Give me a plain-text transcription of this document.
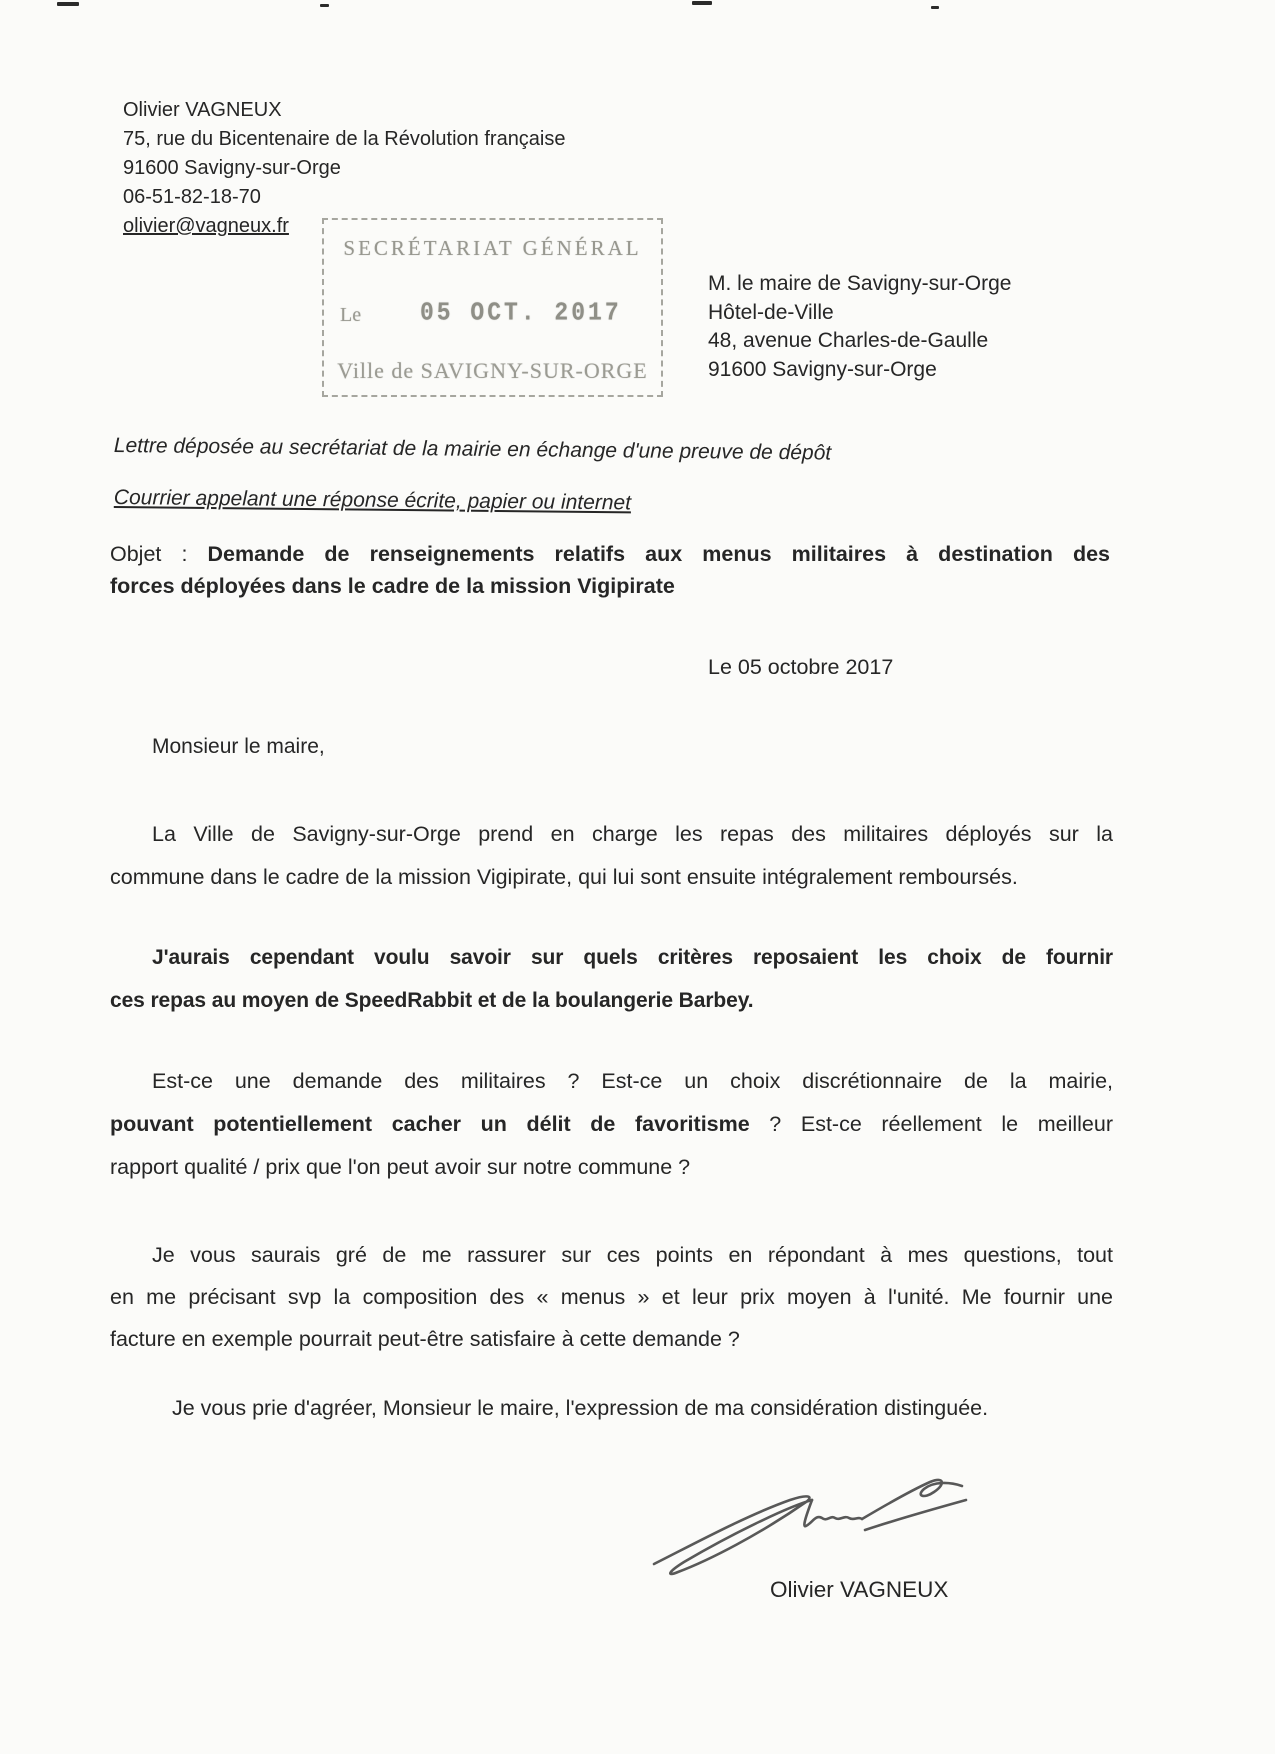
Olivier VAGNEUX
75, rue du Bicentenaire de la Révolution française
91600 Savigny-sur-Orge
06-51-82-18-70
olivier@vagneux.fr
SECRÉTARIAT GÉNÉRAL
Le	05 OCT. 2017
Ville de SAVIGNY-SUR-ORGE
M. le maire de Savigny-sur-Orge
Hôtel-de-Ville
48, avenue Charles-de-Gaulle
91600 Savigny-sur-Orge
Lettre déposée au secrétariat de la mairie en échange d'une preuve de dépôt
Courrier appelant une réponse écrite, papier ou internet
Objet : Demande de renseignements relatifs aux menus militaires à destination des
forces déployées dans le cadre de la mission Vigipirate
Le 05 octobre 2017
Monsieur le maire,
La Ville de Savigny-sur-Orge prend en charge les repas des militaires déployés sur la
commune dans le cadre de la mission Vigipirate, qui lui sont ensuite intégralement remboursés.
J'aurais cependant voulu savoir sur quels critères reposaient les choix de fournir
ces repas au moyen de SpeedRabbit et de la boulangerie Barbey.
Est-ce une demande des militaires ? Est-ce un choix discrétionnaire de la mairie,
pouvant potentiellement cacher un délit de favoritisme ? Est-ce réellement le meilleur
rapport qualité / prix que l'on peut avoir sur notre commune ?
Je vous saurais gré de me rassurer sur ces points en répondant à mes questions, tout
en me précisant svp la composition des « menus » et leur prix moyen à l'unité. Me fournir une
facture en exemple pourrait peut-être satisfaire à cette demande ?
Je vous prie d'agréer, Monsieur le maire, l'expression de ma considération distinguée.
Olivier VAGNEUX
